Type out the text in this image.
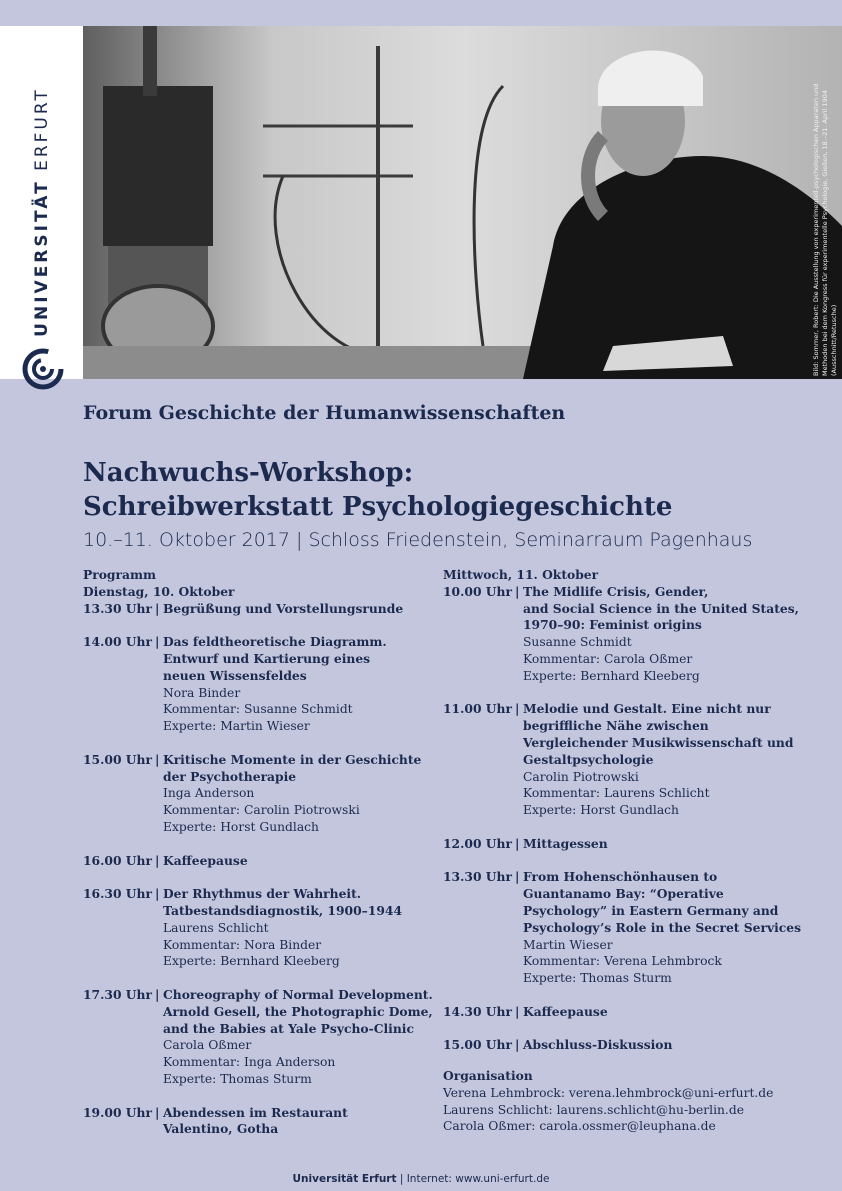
UNIVERSITÄT ERFURT	Bild: Sommer, Robert: Die Ausstellung von experimentell-psychologischen Apparaten und Methoden bei dem Kongress für experimentelle Psychologie, Gießen, 18.–21. April 1904 (Ausschnitt/Retusche)
Forum Geschichte der Humanwissenschaften
Nachwuchs-Workshop:
Schreibwerkstatt Psychologiegeschichte
10.–11. Oktober 2017 | Schloss Friedenstein, Seminarraum Pagenhaus
Programm
Dienstag, 10. Oktober
13.30 Uhr | Begrüßung und Vorstellungsrunde
14.00 Uhr | Das feldtheoretische Diagramm.
Entwurf und Kartierung eines
neuen Wissensfeldes
Nora Binder
Kommentar: Susanne Schmidt
Experte: Martin Wieser
15.00 Uhr | Kritische Momente in der Geschichte
der Psychotherapie
Inga Anderson
Kommentar: Carolin Piotrowski
Experte: Horst Gundlach
16.00 Uhr | Kaffeepause
16.30 Uhr | Der Rhythmus der Wahrheit.
Tatbestandsdiagnostik, 1900–1944
Laurens Schlicht
Kommentar: Nora Binder
Experte: Bernhard Kleeberg
17.30 Uhr | Choreography of Normal Development.
Arnold Gesell, the Photographic Dome,
and the Babies at Yale Psycho-Clinic
Carola Oßmer
Kommentar: Inga Anderson
Experte: Thomas Sturm
19.00 Uhr | Abendessen im Restaurant
Valentino, Gotha
Mittwoch, 11. Oktober
10.00 Uhr | The Midlife Crisis, Gender,
and Social Science in the United States,
1970–90: Feminist origins
Susanne Schmidt
Kommentar: Carola Oßmer
Experte: Bernhard Kleeberg
11.00 Uhr | Melodie und Gestalt. Eine nicht nur
begriffliche Nähe zwischen
Vergleichender Musikwissenschaft und
Gestaltpsychologie
Carolin Piotrowski
Kommentar: Laurens Schlicht
Experte: Horst Gundlach
12.00 Uhr | Mittagessen
13.30 Uhr | From Hohenschönhausen to
Guantanamo Bay: “Operative
Psychology” in Eastern Germany and
Psychology’s Role in the Secret Services
Martin Wieser
Kommentar: Verena Lehmbrock
Experte: Thomas Sturm
14.30 Uhr | Kaffeepause
15.00 Uhr | Abschluss-Diskussion
Organisation
Verena Lehmbrock: verena.lehmbrock@uni-erfurt.de
Laurens Schlicht: laurens.schlicht@hu-berlin.de
Carola Oßmer: carola.ossmer@leuphana.de
Universität Erfurt | Internet: www.uni-erfurt.de
